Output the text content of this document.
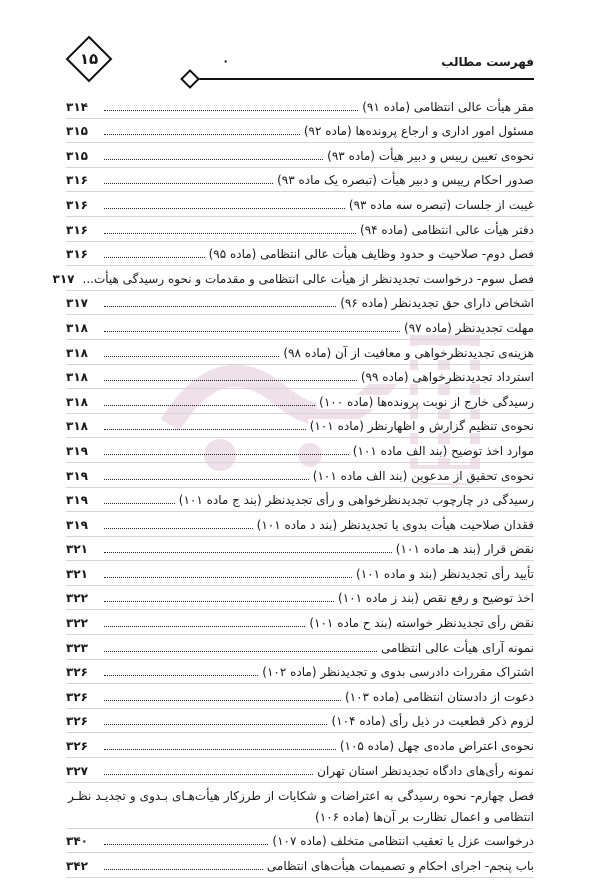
۱۵	۰	فهرست مطالب
مقر هیأت عالی انتظامی (ماده ۹۱)
۳۱۴
مسئول امور اداری و ارجاع پرونده‌ها (ماده ۹۲)
۳۱۵
نحوه‌ی تعیین رییس و دبیر هیأت (ماده ۹۳)
۳۱۵
صدور احکام رییس و دبیر هیأت (تبصره یک ماده ۹۳)
۳۱۶
غیبت از جلسات (تبصره سه ماده ۹۳)
۳۱۶
دفتر هیأت عالی انتظامی (ماده ۹۴)
۳۱۶
فصل دوم- صلاحیت و حدود وظایف هیأت عالی انتظامی (ماده ۹۵)
۳۱۶
فصل سوم- درخواست تجدیدنظر از هیأت عالی انتظامی و مقدمات و نحوه رسیدگی هیأت...
۳۱۷
اشخاص دارای حق تجدیدنظر (ماده ۹۶)
۳۱۷
مهلت تجدیدنظر (ماده ۹۷)
۳۱۸
هزینه‌ی تجدیدنظرخواهی و معافیت از آن (ماده ۹۸)
۳۱۸
استرداد تجدیدنظرخواهی (ماده ۹۹)
۳۱۸
رسیدگی خارج از نوبت پرونده‌ها (ماده ۱۰۰)
۳۱۸
نحوه‌ی تنظیم گزارش و اظهارنظر (ماده ۱۰۱)
۳۱۸
موارد اخذ توضیح (بند الف ماده ۱۰۱)
۳۱۹
نحوه‌ی تحقیق از مدعوین (بند الف ماده ۱۰۱)
۳۱۹
رسیدگی در چارچوب تجدیدنظرخواهی و رأی تجدیدنظر (بند ج ماده ۱۰۱)
۳۱۹
فقدان صلاحیت هیأت بدوی یا تجدیدنظر (بند د ماده ۱۰۱)
۳۱۹
نقض قرار (بند هـ ماده ۱۰۱)
۳۲۱
تأیید رأی تجدیدنظر (بند و ماده ۱۰۱)
۳۲۱
اخذ توضیح و رفع نقص (بند ز ماده ۱۰۱)
۳۲۲
نقض رأی تجدیدنظر خواسته (بند ح ماده ۱۰۱)
۳۲۲
نمونه آرای هیأت عالی انتظامی
۳۲۳
اشتراک مقررات دادرسی بدوی و تجدیدنظر (ماده ۱۰۲)
۳۲۶
دعوت از دادستان انتظامی (ماده ۱۰۳)
۳۲۶
لزوم ذکر قطعیت در ذیل رأی (ماده ۱۰۴)
۳۲۶
نحوه‌ی اعتراض ماده‌ی چهل (ماده ۱۰۵)
۳۲۶
نمونه رأی‌های دادگاه تجدیدنظر استان تهران
۳۲۷
فصل چهارم- نحوه رسیدگی به اعتراضات و شکایات از طرزکار هیأت‌هـای بـدوی و تجدیـد نظـر انتظامی و اعمال نظارت بر آن‌ها (ماده ۱۰۶)
درخواست عزل یا تعقیب انتظامی متخلف (ماده ۱۰۷)
۳۴۰
باب پنجم- اجرای احکام و تصمیمات هیأت‌های انتظامی
۳۴۲
